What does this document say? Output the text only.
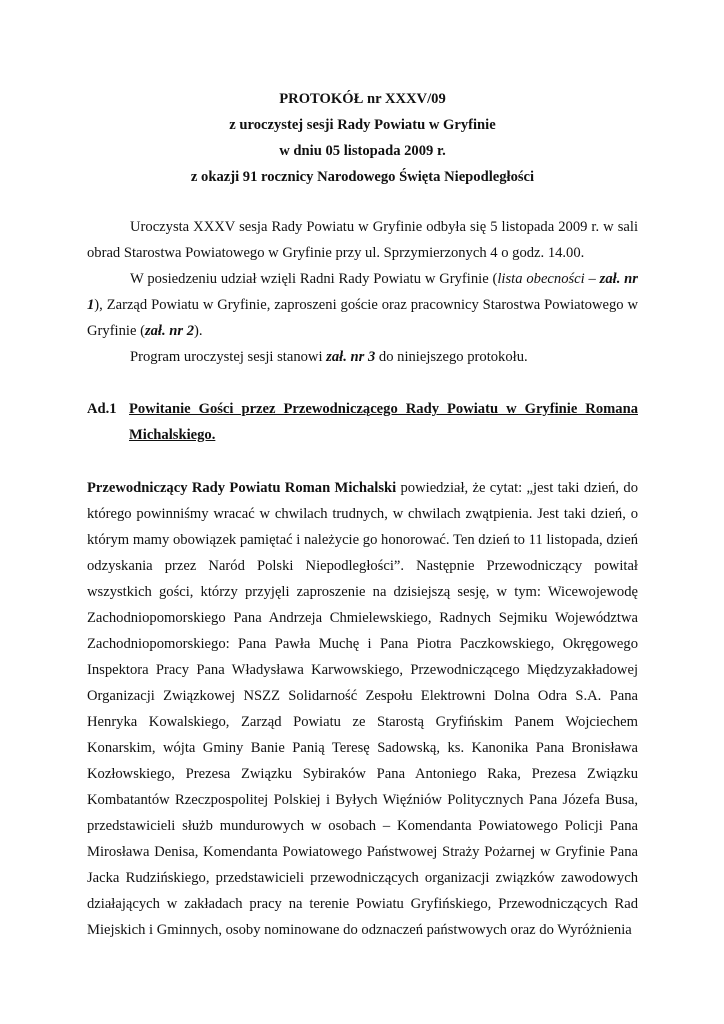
PROTOKÓŁ nr XXXV/09
z uroczystej sesji Rady Powiatu w Gryfinie
w dniu 05 listopada 2009 r.
z okazji 91 rocznicy Narodowego Święta Niepodległości

Uroczysta XXXV sesja Rady Powiatu w Gryfinie odbyła się 5 listopada 2009 r. w sali obrad Starostwa Powiatowego w Gryfinie przy ul. Sprzymierzonych 4 o godz. 14.00.

W posiedzeniu udział wzięli Radni Rady Powiatu w Gryfinie (lista obecności – zał. nr 1), Zarząd Powiatu w Gryfinie, zaproszeni goście oraz pracownicy Starostwa Powiatowego w Gryfinie (zał. nr 2).

Program uroczystej sesji stanowi zał. nr 3 do niniejszego protokołu.

Ad.1 Powitanie Gości przez Przewodniczącego Rady Powiatu w Gryfinie Romana
Michalskiego.

Przewodniczący Rady Powiatu Roman Michalski powiedział, że cytat: „jest taki dzień, do którego powinniśmy wracać w chwilach trudnych, w chwilach zwątpienia. Jest taki dzień, o którym mamy obowiązek pamiętać i należycie go honorować. Ten dzień to 11 listopada, dzień odzyskania przez Naród Polski Niepodległości”. Następnie Przewodniczący powitał wszystkich gości, którzy przyjęli zaproszenie na dzisiejszą sesję, w tym: Wicewojewodę Zachodniopomorskiego Pana Andrzeja Chmielewskiego, Radnych Sejmiku Województwa Zachodniopomorskiego: Pana Pawła Muchę i Pana Piotra Paczkowskiego, Okręgowego Inspektora Pracy Pana Władysława Karwowskiego, Przewodniczącego Międzyzakładowej Organizacji Związkowej NSZZ Solidarność Zespołu Elektrowni Dolna Odra S.A. Pana Henryka Kowalskiego, Zarząd Powiatu ze Starostą Gryfińskim Panem Wojciechem Konarskim, wójta Gminy Banie Panią Teresę Sadowską, ks. Kanonika Pana Bronisława Kozłowskiego, Prezesa Związku Sybiraków Pana Antoniego Raka, Prezesa Związku Kombatantów Rzeczpospolitej Polskiej i Byłych Więźniów Politycznych Pana Józefa Busa, przedstawicieli służb mundurowych w osobach – Komendanta Powiatowego Policji Pana Mirosława Denisa, Komendanta Powiatowego Państwowej Straży Pożarnej w Gryfinie Pana Jacka Rudzińskiego, przedstawicieli przewodniczących organizacji związków zawodowych działających w zakładach pracy na terenie Powiatu Gryfińskiego, Przewodniczących Rad Miejskich i Gminnych, osoby nominowane do odznaczeń państwowych oraz do Wyróżnienia
